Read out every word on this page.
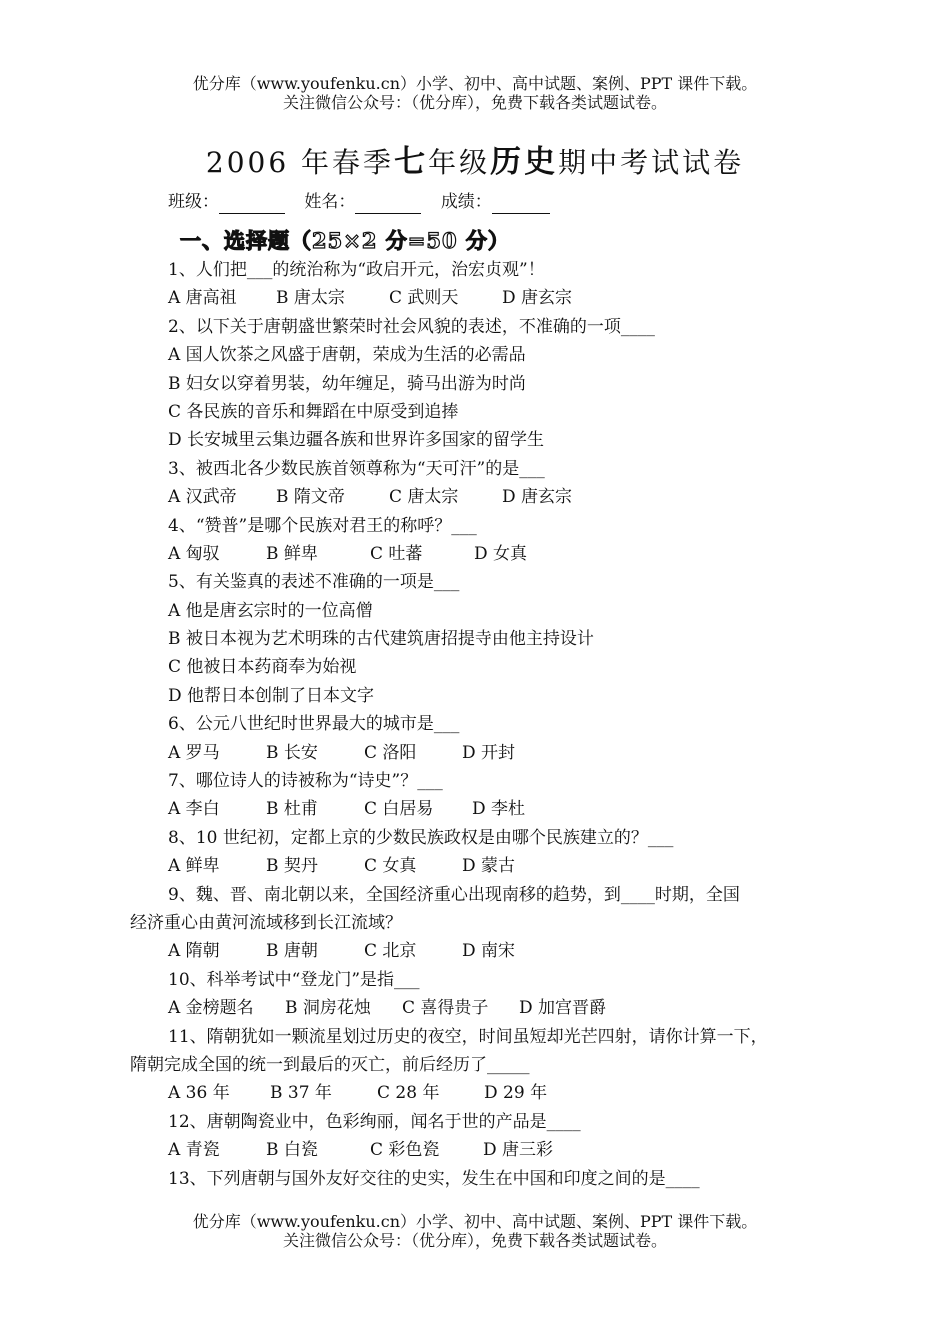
优分库（www.youfenku.cn）小学、初中、高中试题、案例、PPT 课件下载。
关注微信公众号：（优分库），免费下载各类试题试卷。
2006 年春季七年级历史期中考试试卷
班级：	姓名：	成绩：
一、选择题（25×2 分=50 分）
1、人们把___的统治称为“政启开元，治宏贞观”！
A 唐高祖 B 唐太宗	C 武则天	D 唐玄宗
2、以下关于唐朝盛世繁荣时社会风貌的表述，不准确的一项____
A 国人饮茶之风盛于唐朝，荣成为生活的必需品
B 妇女以穿着男装，幼年缠足，骑马出游为时尚
C 各民族的音乐和舞蹈在中原受到追捧
D 长安城里云集边疆各族和世界许多国家的留学生
3、被西北各少数民族首领尊称为“天可汗”的是___
A 汉武帝 B 隋文帝	C 唐太宗	D 唐玄宗
4、“赞普”是哪个民族对君王的称呼？___
A 匈驭	B 鲜卑	C 吐蕃	D 女真
5、有关鉴真的表述不准确的一项是___
A 他是唐玄宗时的一位高僧
B 被日本视为艺术明珠的古代建筑唐招提寺由他主持设计
C 他被日本药商奉为始视
D 他帮日本创制了日本文字
6、公元八世纪时世界最大的城市是___
A 罗马	B 长安	C 洛阳	D 开封
7、哪位诗人的诗被称为“诗史”？___
A 李白	B 杜甫	C 白居易 D 李杜
8、10 世纪初，定都上京的少数民族政权是由哪个民族建立的？___
A 鲜卑	B 契丹	C 女真	D 蒙古
9、魏、晋、南北朝以来，全国经济重心出现南移的趋势，到____时期，全国
经济重心由黄河流域移到长江流域？
A 隋朝	B 唐朝	C 北京	D 南宋
10、科举考试中“登龙门”是指___
A 金榜题名 B 洞房花烛 C 喜得贵子 D 加宫晋爵
11、隋朝犹如一颗流星划过历史的夜空，时间虽短却光芒四射，请你计算一下，
隋朝完成全国的统一到最后的灭亡，前后经历了_____
A 36 年 B 37 年	C 28 年	D 29 年
12、唐朝陶瓷业中，色彩绚丽，闻名于世的产品是____
A 青瓷	B 白瓷	C 彩色瓷	D 唐三彩
13、下列唐朝与国外友好交往的史实，发生在中国和印度之间的是____
优分库（www.youfenku.cn）小学、初中、高中试题、案例、PPT 课件下载。
关注微信公众号：（优分库），免费下载各类试题试卷。
